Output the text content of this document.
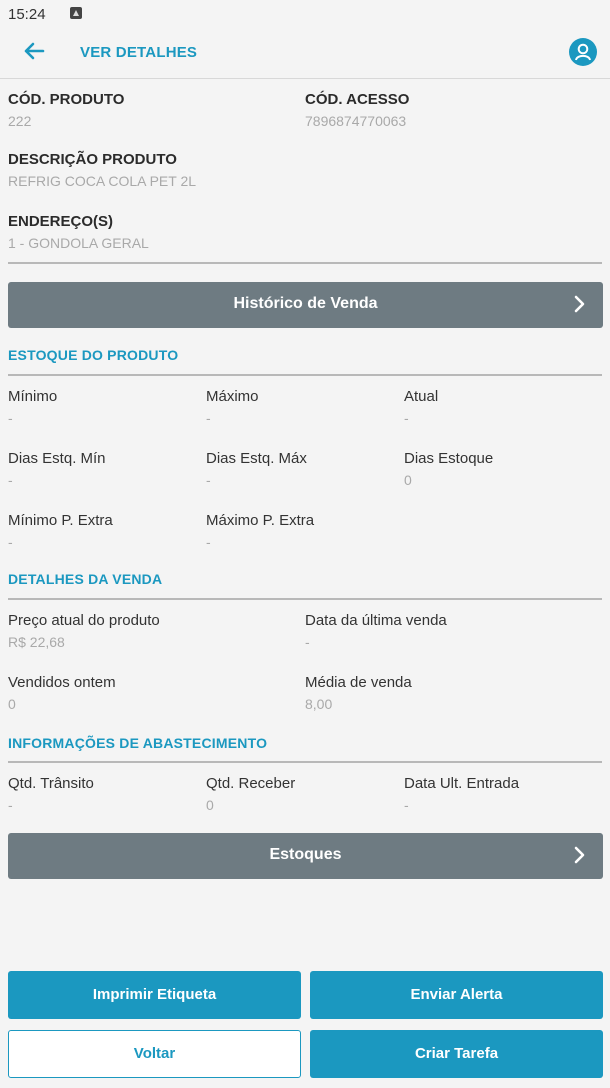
15:24
VER DETALHES
CÓD. PRODUTO
222
CÓD. ACESSO
7896874770063
DESCRIÇÃO PRODUTO
REFRIG COCA COLA PET 2L
ENDEREÇO(S)
1 - GONDOLA GERAL
Histórico de Venda
ESTOQUE DO PRODUTO
Mínimo
-
Máximo
-
Atual
-
Dias Estq. Mín
-
Dias Estq. Máx
-
Dias Estoque
0
Mínimo P. Extra
-
Máximo P. Extra
-
DETALHES DA VENDA
Preço atual do produto
R$ 22,68
Data da última venda
-
Vendidos ontem
0
Média de venda
8,00
INFORMAÇÕES DE ABASTECIMENTO
Qtd. Trânsito
-
Qtd. Receber
0
Data Ult. Entrada
-
Estoques
Imprimir Etiqueta	Enviar Alerta
Voltar	Criar Tarefa
